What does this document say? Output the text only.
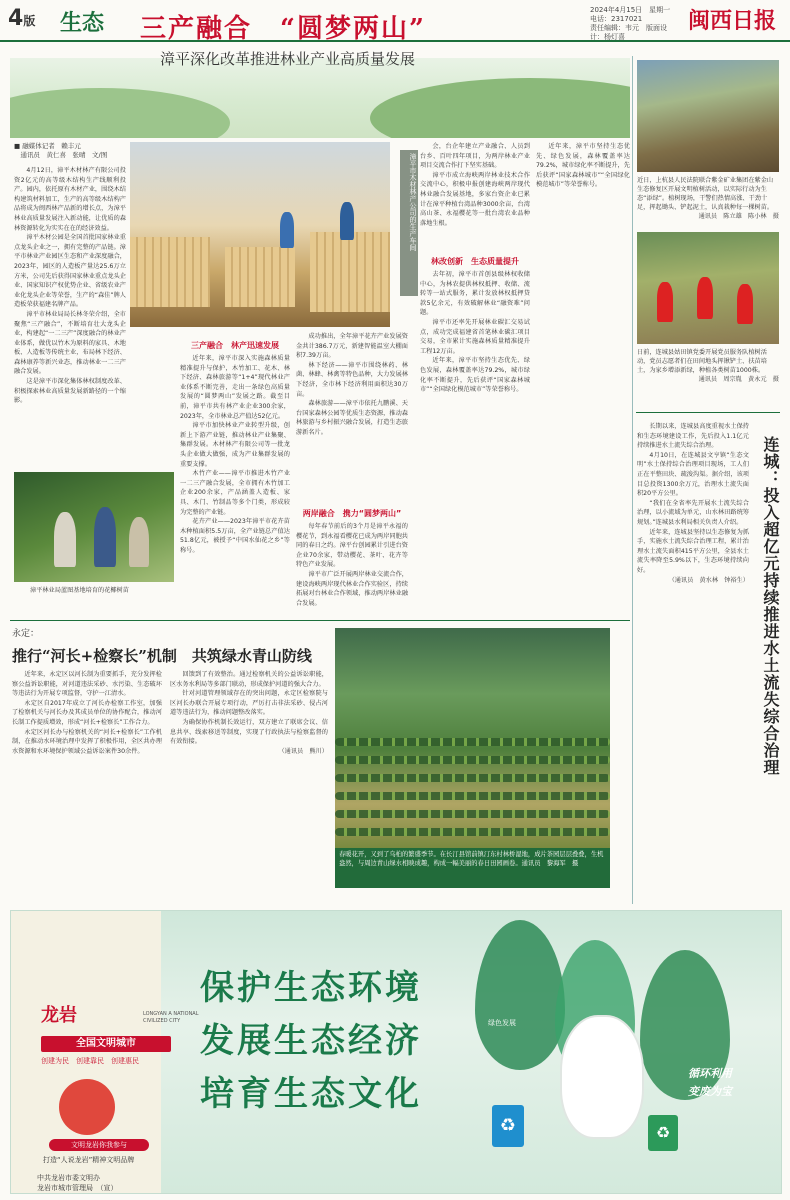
4版 生态	2024年4月15日　星期一
电话：2317021
责任编辑：韦元　版面设计：杨灯喜
闽西日报
三产融合　“圆梦两山”
漳平深化改革推进林业产业高质量发展
■ 融媒体记者　赖丰元
　通讯员　黄仁喜　张晴　文/图

4月12日，漳平木材林产有限公司投资2亿元的高等级木结构生产线顺利投产。园内，依托原有木材产业，围绕木结构建筑材料加工，生产的高等级木结构产品将成为闽西林产品新的增长点，为漳平林业高质量发展注入新动能，让优质的森林资源转化为实实在在的经济效益。

漳平木材公园是全国首批国家林业重点龙头企业之一，拥有完整的产品链。漳平市林业产业园区生态和产业深度融合，2023年，园区的人造板产量达25.6万立方米，公司先后获得国家林业重点龙头企业、国家知识产权优势企业、省级农业产业化龙头企业等荣誉，生产的“森佳”牌人造板荣获福建名牌产品。

漳平市林业局局长林冬荣介绍，全市聚焦“三产融合”，不断培育壮大龙头企业，构建起“一二三产”深度融合的林业产业体系，做优以竹木为原料的家具、木地板、人造板等传统主业，布局林下经济、森林康养等新兴业态，推动林业一二三产融合发展。

这是漳平市深化集体林权制度改革、积极探索林业高质量发展新路径的一个缩影。

漳平市木材林产公司的生产车间
漳平林业局蓝图基地培育的花椰树苗
三产融合　林产迅速发展

近年来，漳平市深入实施森林质量精准提升与保护，木竹加工、花木、林下经济、森林旅游等“1+4”现代林业产业体系不断完善，走出一条绿色高质量发展的“圆梦两山”发展之路。截至目前，漳平市共有林产业企业300余家，2023年，全市林业总产值达52亿元。

漳平市加快林业产业转型升级，创新上下游产业链，推动林业产业集聚、集群发展。木材林产有限公司等一批龙头企业做大做强，成为产业集群发展的重要支撑。

木竹产业——漳平市推进木竹产业一二三产融合发展，全市拥有木竹加工企业200余家，产品涵盖人造板、家具、木门、竹制品等多个门类，形成较为完整的产业链。

花卉产业——2023年漳平市花卉苗木种植面积5.5万亩，全产业链总产值达51.8亿元，被授予“中国水仙花之乡”等称号。

成功推出，全年漳平花卉产业发展资金共计386.7万元，新建智能温室大棚面积7.39万亩。

林下经济——漳平市围绕林药、林菌、林蜂、林禽等特色品种，大力发展林下经济，全市林下经济利用面积达30万亩。

森林旅游——漳平市依托九鹏溪、天台国家森林公园等优质生态资源，推动森林旅游与乡村振兴融合发展，打造生态旅游新名片。

两岸融合　携力“圆梦两山”

每年春节前后的3个月是漳平永福的樱花节，到永福看樱花已成为两岸同胞共同的春日之约。漳平台创园累计引进台资企业70余家，带动樱花、茶叶、花卉等特色产业发展。

漳平市广泛开展两岸林业交流合作，建设海峡两岸现代林业合作实验区，持续拓展对台林业合作领域，推动两岸林业融合发展。

会，台企年建立产业融合、人员到台乡、百叶四年项目，为两岸林业产业项目交流合作打下坚实基础。

漳平市成立海峡两岸林业技术合作交流中心，积极申报创建海峡两岸现代林业融合发展基地，多家台资企业已累计在漳平种植台湾品种3000余亩，台湾高山茶、永福樱花等一批台湾农业品种落地生根。

林改创新　生态质量提升

去年初，漳平市首创县级林权收储中心，为林农提供林权抵押、收储、流转等一站式服务，累计发放林权抵押贷款5亿余元，有效破解林业“融资难”问题。

漳平市还率先开展林业碳汇交易试点，成功完成福建省首笔林业碳汇项目交易，全市累计实施森林质量精准提升工程12万亩。

近年来，漳平市坚持生态优先、绿色发展，森林覆盖率达79.2%，城市绿化率不断提升，先后获评“国家森林城市”“全国绿化模范城市”等荣誉称号。

近年来，漳平市坚持生态优先、绿色发展，森林覆盖率达79.2%，城市绿化率不断提升，先后获评“国家森林城市”“全国绿化模范城市”等荣誉称号。

近日，上杭县人民法院联合紫金矿业集团在紫金山生态修复区开展文明植树活动，以实际行动为生态“添绿”。植树现场，干警们热情高涨、干劲十足，挥起锄头、铲起泥土，认真栽种每一棵树苗。
通讯员　陈立雄　陈小林　摄
日前，连城县姑田镇党委开展党员服务队植树活动，党员志愿者们在田间地头挥锹铲土、扶苗培土，为家乡增添新绿，种植各类树苗1000株。
通讯员　周宗胤　黄永元　摄
连城：投入超亿元持续推进水土流失综合治理

长期以来，连城县高度重视水土保持和生态环境建设工作，先后投入1.1亿元持续推进水土流失综合治理。

4月10日，在连城县文亨镇“生态文明”水土保持综合治理项目现场，工人们正在平整田块、疏浚沟渠。据介绍，该项目总投资1300余万元，治理水土流失面积20平方公里。

“我们在全省率先开展水土流失综合治理，以小流域为单元，山水林田路统筹规划。”连城县水利局相关负责人介绍。

近年来，连城县坚持以生态修复为抓手，实施水土流失综合治理工程，累计治理水土流失面积415平方公里，全县水土流失率降至5.9%以下，生态环境持续向好。

（通讯员　黄水林　钟裕生）
永定：
推行“河长+检察长”机制　共筑绿水青山防线

近年来，永定区以河长制为重要抓手，充分发挥检察公益诉讼职能，对河道违法采砂、水污染、生态破坏等违法行为开展专项监督，守护一江清水。

永定区自2017年成立了河长办检察工作室，加强了检察机关与河长办及其成员单位的协作配合，推动河长制工作提质增效，形成“河长+检察长”工作合力。

永定区河长办与检察机关的“河长+检察长”工作机制，在推动水环境治理中发挥了积极作用，全区共办理水资源和水环境保护领域公益诉讼案件30余件。

回馈到了有效整治。通过检察机关的公益诉讼职能，区水务水利局等多部门联动，形成保护河道的强大合力。

针对河道管理领域存在的突出问题，永定区检察院与区河长办联合开展专项行动，严厉打击非法采砂、侵占河道等违法行为，推动问题整改落实。

为确保协作机制长效运行，双方建立了联席会议、信息共享、线索移送等制度，实现了行政执法与检察监督的有效衔接。

（通讯员　熊川）
春暖花开，又到了乌桕的繁盛季节。在长汀县馆前镇汀东村林桥湿地，成片茶园层层叠叠，生机盎然，与周边青山绿水相映成趣，构成一幅美丽的春日田园画卷。通讯员　黎海军　摄
龙岩	LONGYAN A NATIONAL CIVILIZED CITY
全国文明城市
创建为民　创建靠民　创建惠民
文明龙岩你我参与
打造“人说龙岩”精神文明品牌
中共龙岩市委文明办
龙岩市城市管理局　（宣）
♻	♻
绿色发展
循环利用
变废为宝
保护生态环境
发展生态经济
培育生态文化
